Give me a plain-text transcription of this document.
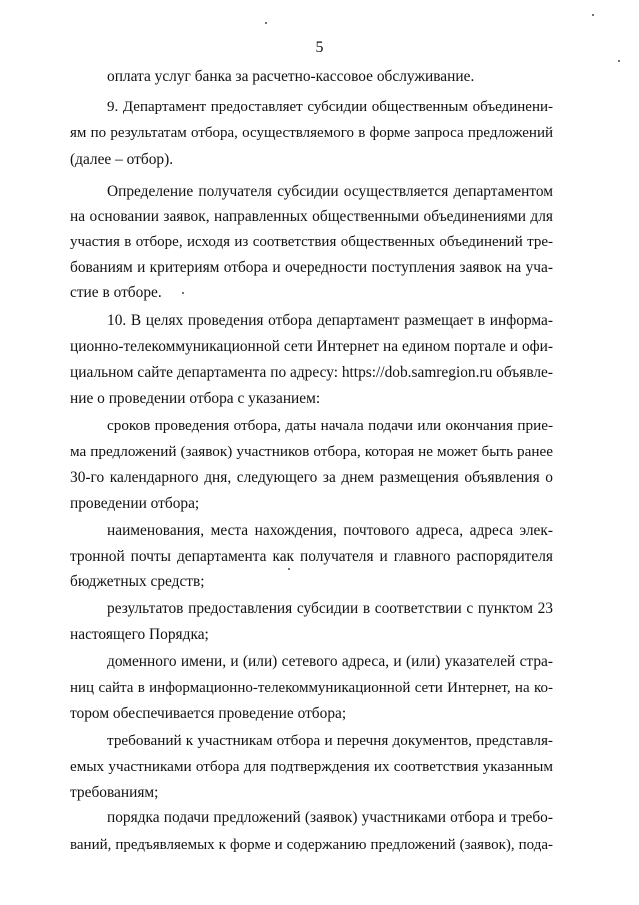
5
оплата услуг банка за расчетно-кассовое обслуживание.
9. Департамент предоставляет субсидии общественным объединени-
ям по результатам отбора, осуществляемого в форме запроса предложений
(далее – отбор).
Определение получателя субсидии осуществляется департаментом
на основании заявок, направленных общественными объединениями для
участия в отборе, исходя из соответствия общественных объединений тре-
бованиям и критериям отбора и очередности поступления заявок на уча-
стие в отборе.
10. В целях проведения отбора департамент размещает в информа-
ционно-телекоммуникационной сети Интернет на едином портале и офи-
циальном сайте департамента по адресу: https://dob.samregion.ru объявле-
ние о проведении отбора с указанием:
сроков проведения отбора, даты начала подачи или окончания прие-
ма предложений (заявок) участников отбора, которая не может быть ранее
30-го календарного дня, следующего за днем размещения объявления о
проведении отбора;
наименования, места нахождения, почтового адреса, адреса элек-
тронной почты департамента как получателя и главного распорядителя
бюджетных средств;
результатов предоставления субсидии в соответствии с пунктом 23
настоящего Порядка;
доменного имени, и (или) сетевого адреса, и (или) указателей стра-
ниц сайта в информационно-телекоммуникационной сети Интернет, на ко-
тором обеспечивается проведение отбора;
требований к участникам отбора и перечня документов, представля-
емых участниками отбора для подтверждения их соответствия указанным
требованиям;
порядка подачи предложений (заявок) участниками отбора и требо-
ваний, предъявляемых к форме и содержанию предложений (заявок), пода-
